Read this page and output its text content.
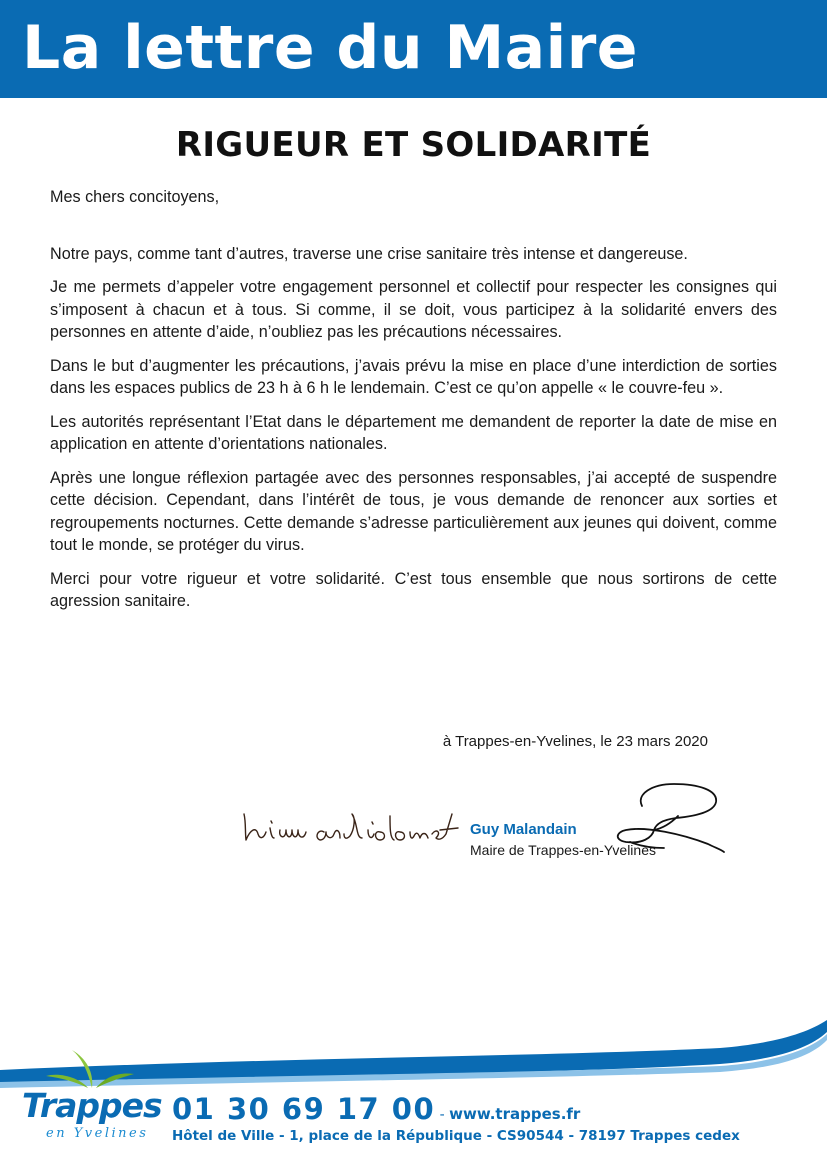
La lettre du Maire
RIGUEUR ET SOLIDARITÉ

Mes chers concitoyens,

Notre pays, comme tant d’autres, traverse une crise sanitaire très intense et dangereuse.

Je me permets d’appeler votre engagement personnel et collectif pour respecter les consignes qui s’imposent à chacun et à tous. Si comme, il se doit, vous participez à la solidarité envers des personnes en attente d’aide, n’oubliez pas les précautions nécessaires.

Dans le but d’augmenter les précautions, j’avais prévu la mise en place d’une interdiction de sorties dans les espaces publics de 23 h à 6 h le lendemain. C’est ce qu’on appelle « le couvre-feu ».

Les autorités représentant l’Etat dans le département me demandent de reporter la date de mise en application en attente d’orientations nationales.

Après une longue réflexion partagée avec des personnes responsables, j’ai accepté de suspendre cette décision. Cependant, dans l’intérêt de tous, je vous demande de renoncer aux sorties et regroupements nocturnes. Cette demande s’adresse particulièrement aux jeunes qui doivent, comme tout le monde, se protéger du virus.

Merci pour votre rigueur et votre solidarité. C’est tous ensemble que nous sortirons de cette agression sanitaire.

à Trappes-en-Yvelines, le 23 mars 2020

Guy Malandain

Maire de Trappes-en-Yvelines

Trappes

en Yvelines

01 30 69 17 00 - www.trappes.fr

Hôtel de Ville - 1, place de la République - CS90544 - 78197 Trappes cedex
